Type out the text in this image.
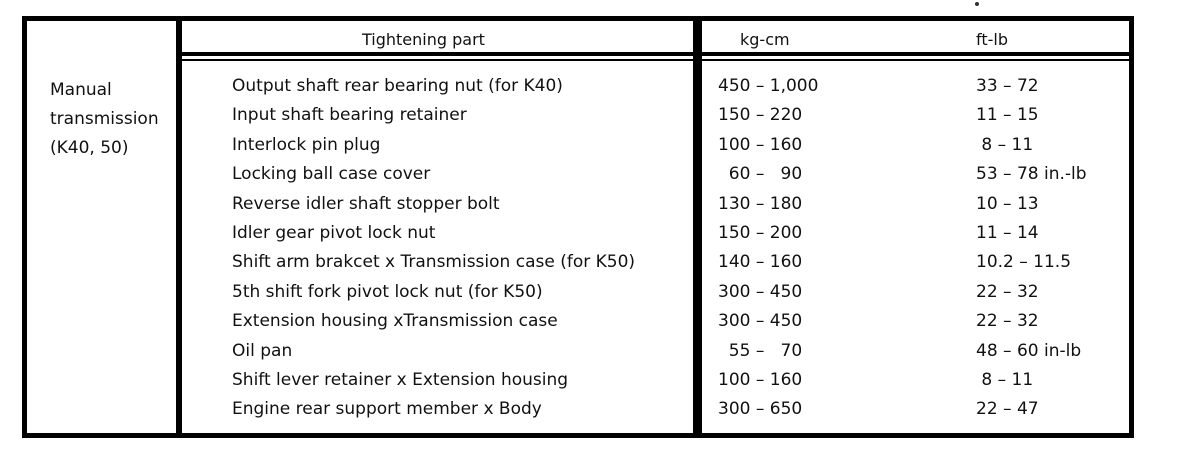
Tightening part	kg-cm	ft-lb
Manual
transmission
(K40, 50)
Output shaft rear bearing nut (for K40)	450 – 1,000	33 – 72
Input shaft bearing retainer	150 – 220	11 – 15
Interlock pin plug	100 – 160	8 – 11
Locking ball case cover	60 –   90	53 – 78 in.-lb
Reverse idler shaft stopper bolt	130 – 180	10 – 13
Idler gear pivot lock nut	150 – 200	11 – 14
Shift arm brakcet x Transmission case (for K50)	140 – 160	10.2 – 11.5
5th shift fork pivot lock nut (for K50)	300 – 450	22 – 32
Extension housing xTransmission case	300 – 450	22 – 32
Oil pan	55 –   70	48 – 60 in-lb
Shift lever retainer x Extension housing	100 – 160	8 – 11
Engine rear support member x Body	300 – 650	22 – 47
